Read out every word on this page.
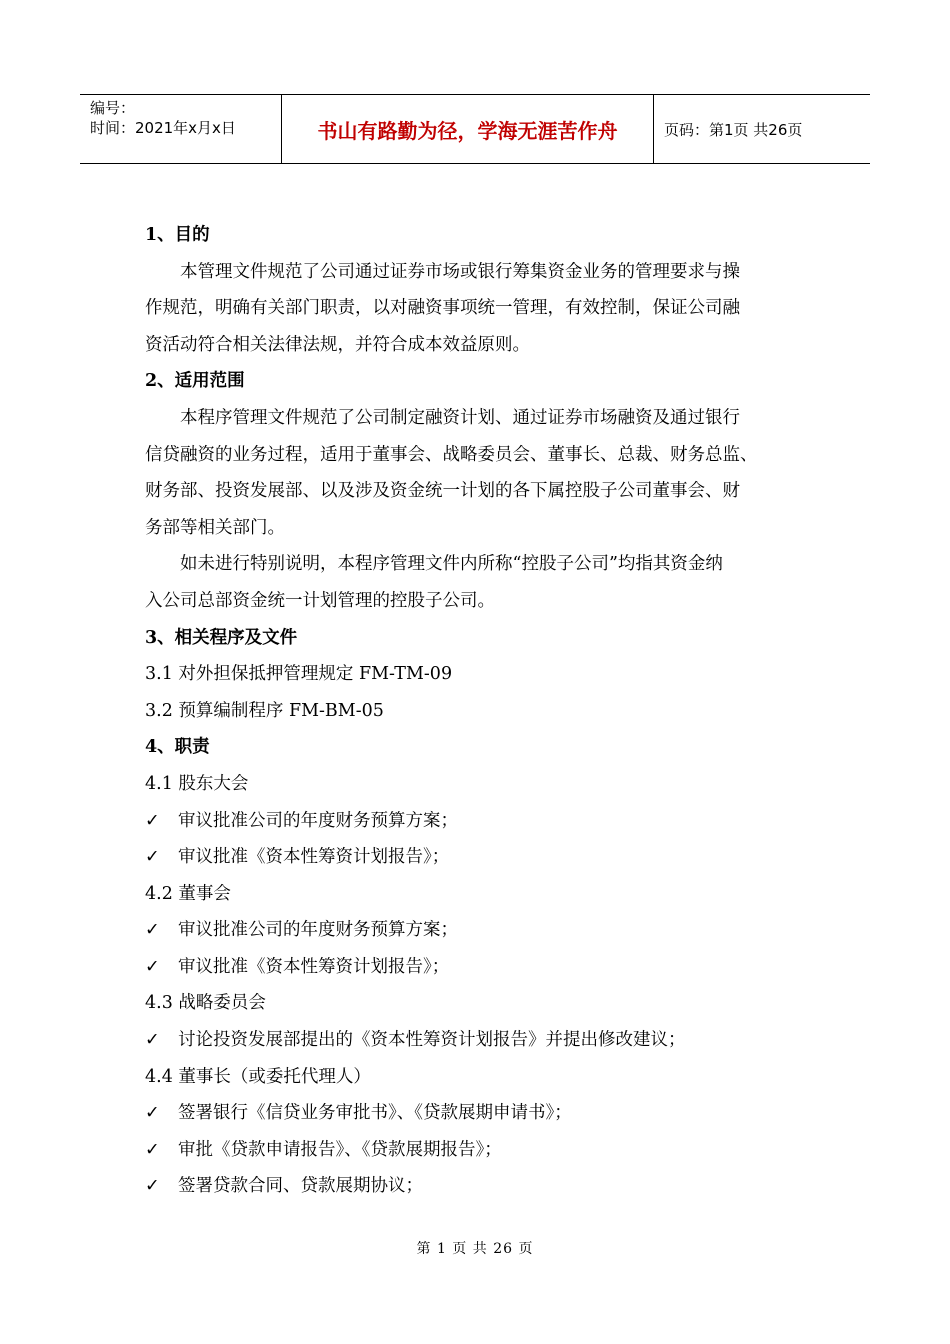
编号：
时间：2021年x月x日	书山有路勤为径，学海无涯苦作舟	页码：第1页 共26页
1、目的
本管理文件规范了公司通过证券市场或银行筹集资金业务的管理要求与操
作规范，明确有关部门职责，以对融资事项统一管理，有效控制，保证公司融
资活动符合相关法律法规，并符合成本效益原则。
2、适用范围
本程序管理文件规范了公司制定融资计划、通过证券市场融资及通过银行
信贷融资的业务过程，适用于董事会、战略委员会、董事长、总裁、财务总监、
财务部、投资发展部、以及涉及资金统一计划的各下属控股子公司董事会、财
务部等相关部门。
如未进行特别说明，本程序管理文件内所称“控股子公司”均指其资金纳
入公司总部资金统一计划管理的控股子公司。
3、相关程序及文件
3.1 对外担保抵押管理规定 FM-TM-09
3.2 预算编制程序 FM-BM-05
4、职责
4.1 股东大会
✓ 审议批准公司的年度财务预算方案；
✓ 审议批准《资本性筹资计划报告》；
4.2 董事会
✓ 审议批准公司的年度财务预算方案；
✓ 审议批准《资本性筹资计划报告》；
4.3 战略委员会
✓ 讨论投资发展部提出的《资本性筹资计划报告》并提出修改建议；
4.4 董事长（或委托代理人）
✓ 签署银行《信贷业务审批书》、《贷款展期申请书》；
✓ 审批《贷款申请报告》、《贷款展期报告》；
✓ 签署贷款合同、贷款展期协议；
第 1 页 共 26 页
